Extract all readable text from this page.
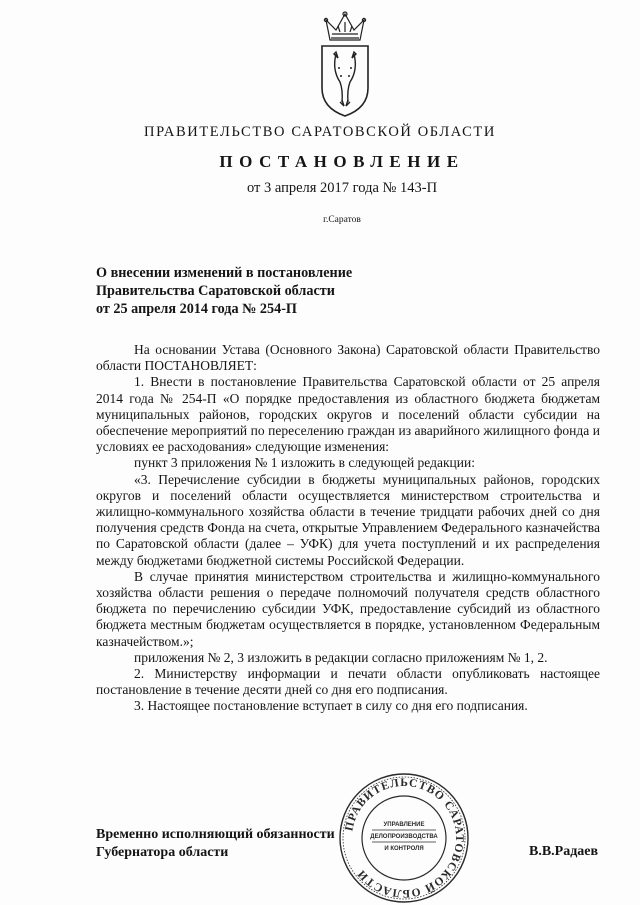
ПРАВИТЕЛЬСТВО САРАТОВСКОЙ ОБЛАСТИ
ПОСТАНОВЛЕНИЕ
от 3 апреля 2017 года № 143-П
г.Саратов
О внесении изменений в постановление
Правительства Саратовской области
от 25 апреля 2014 года № 254-П

На основании Устава (Основного Закона) Саратовской области Правительство области ПОСТАНОВЛЯЕТ:

1. Внести в постановление Правительства Саратовской области от 25 апреля 2014 года № 254-П «О порядке предоставления из областного бюджета бюджетам муниципальных районов, городских округов и поселений области субсидии на обеспечение мероприятий по переселению граждан из аварийного жилищного фонда и условиях ее расходования» следующие изменения:

пункт 3 приложения № 1 изложить в следующей редакции:

«3. Перечисление субсидии в бюджеты муниципальных районов, городских округов и поселений области осуществляется министерством строительства и жилищно-коммунального хозяйства области в течение тридцати рабочих дней со дня получения средств Фонда на счета, открытые Управлением Федерального казначейства по Саратовской области (далее – УФК) для учета поступлений и их распределения между бюджетами бюджетной системы Российской Федерации.

В случае принятия министерством строительства и жилищно-коммунального хозяйства области решения о передаче полномочий получателя средств областного бюджета по перечислению субсидии УФК, предоставление субсидий из областного бюджета местным бюджетам осуществляется в порядке, установленном Федеральным казначейством.»;

приложения № 2, 3 изложить в редакции согласно приложениям № 1, 2.

2. Министерству информации и печати области опубликовать настоящее постановление в течение десяти дней со дня его подписания.

3. Настоящее постановление вступает в силу со дня его подписания.

ПРАВИТЕЛЬСТВО САРАТОВСКОЙ ОБЛАСТИ
УПРАВЛЕНИЕ
ДЕЛОПРОИЗВОДСТВА
И КОНТРОЛЯ
Временно исполняющий обязанности
Губернатора области	В.В.Радаев
